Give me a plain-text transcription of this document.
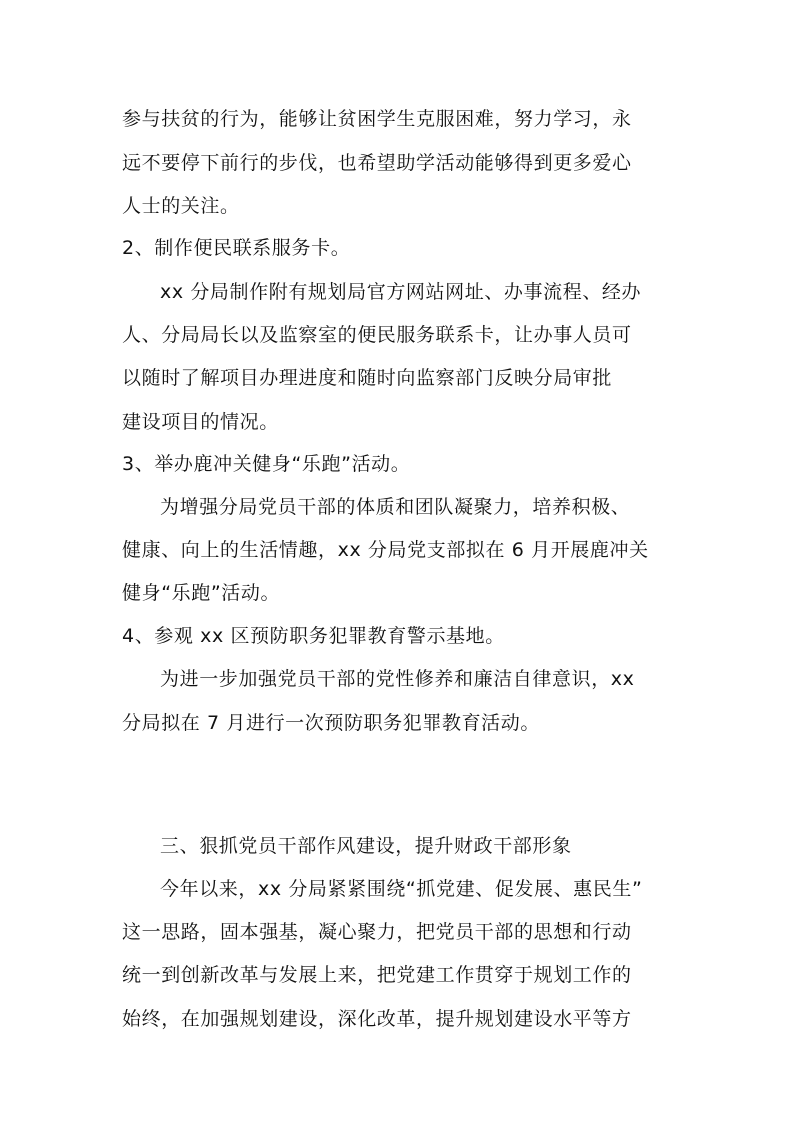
参与扶贫的行为，能够让贫困学生克服困难，努力学习，永
远不要停下前行的步伐，也希望助学活动能够得到更多爱心
人士的关注。
2、制作便民联系服务卡。
xx 分局制作附有规划局官方网站网址、办事流程、经办
人、分局局长以及监察室的便民服务联系卡，让办事人员可
以随时了解项目办理进度和随时向监察部门反映分局审批
建设项目的情况。
3、举办鹿冲关健身“乐跑”活动。
为增强分局党员干部的体质和团队凝聚力，培养积极、
健康、向上的生活情趣，xx 分局党支部拟在 6 月开展鹿冲关
健身“乐跑”活动。
4、参观 xx 区预防职务犯罪教育警示基地。
为进一步加强党员干部的党性修养和廉洁自律意识，xx
分局拟在 7 月进行一次预防职务犯罪教育活动。
三、狠抓党员干部作风建设，提升财政干部形象
今年以来，xx 分局紧紧围绕“抓党建、促发展、惠民生”
这一思路，固本强基，凝心聚力，把党员干部的思想和行动
统一到创新改革与发展上来，把党建工作贯穿于规划工作的
始终，在加强规划建设，深化改革，提升规划建设水平等方
